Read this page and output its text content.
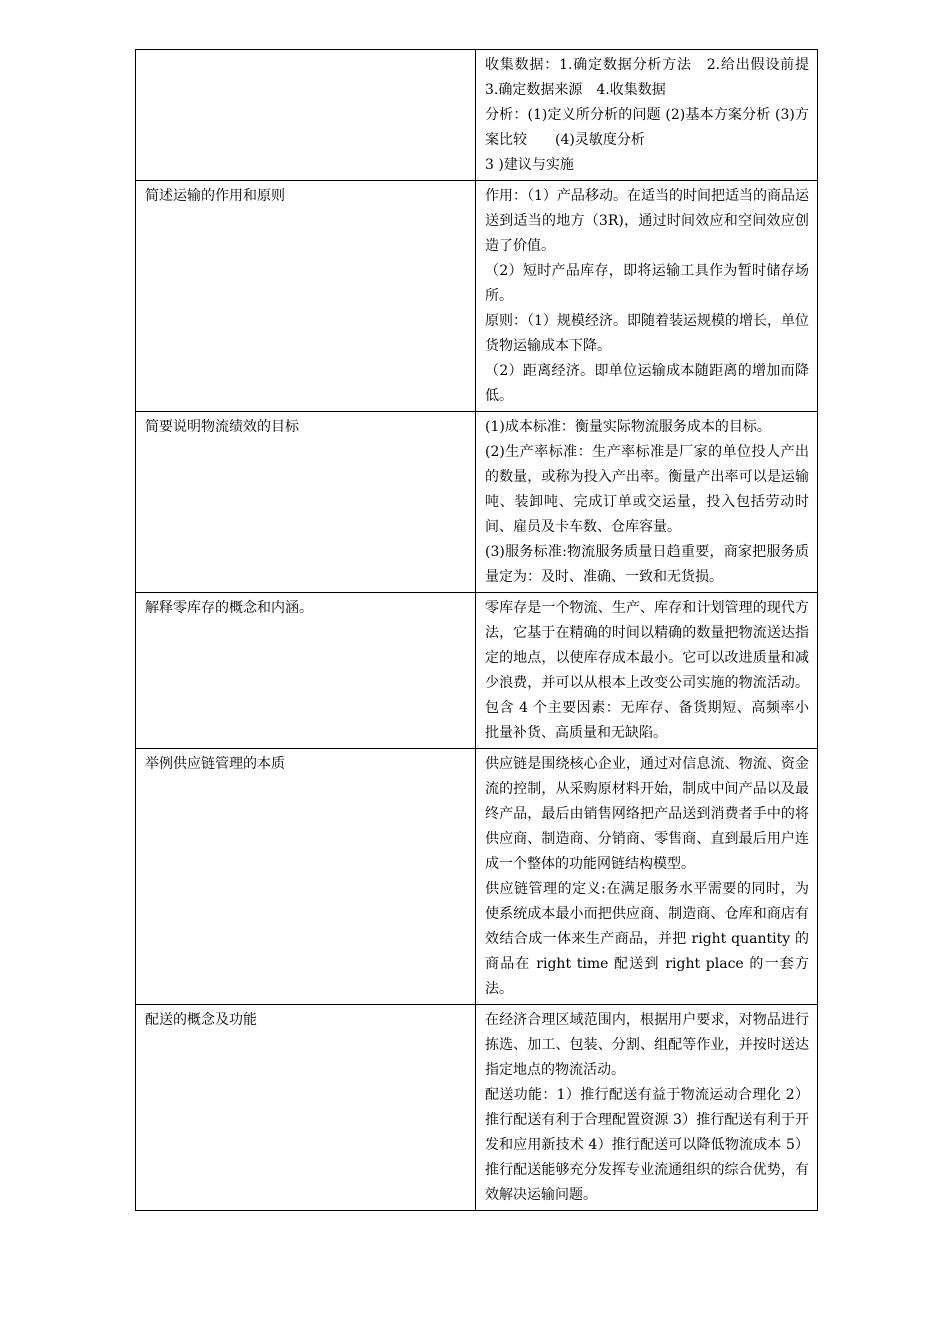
	收集数据：1.确定数据分析方法　2.给出假设前提　3.确定数据来源　4.收集数据

分析：(1)定义所分析的问题 (2)基本方案分析 (3)方案比较　　(4)灵敏度分析

3 )建议与实施

简述运输的作用和原则	作用：（1）产品移动。在适当的时间把适当的商品运送到适当的地方（3R)，通过时间效应和空间效应创造了价值。

（2）短时产品库存，即将运输工具作为暂时储存场所。

原则：（1）规模经济。即随着装运规模的增长，单位货物运输成本下降。

（2）距离经济。即单位运输成本随距离的增加而降低。

简要说明物流绩效的目标	(1)成本标准：衡量实际物流服务成本的目标。

(2)生产率标准：生产率标准是厂家的单位投人产出的数量，或称为投入产出率。衡量产出率可以是运输吨、装卸吨、完成订单或交运量，投入包括劳动时间、雇员及卡车数、仓库容量。

(3)服务标准:物流服务质量日趋重要，商家把服务质量定为：及时、准确、一致和无货损。

解释零库存的概念和内涵。	零库存是一个物流、生产、库存和计划管理的现代方法，它基于在精确的时间以精确的数量把物流送达指定的地点，以使库存成本最小。它可以改进质量和减少浪费，并可以从根本上改变公司实施的物流活动。包含 4 个主要因素：无库存、备货期短、高频率小批量补货、高质量和无缺陷。

举例供应链管理的本质	供应链是围绕核心企业，通过对信息流、物流、资金流的控制，从采购原材料开始，制成中间产品以及最终产品，最后由销售网络把产品送到消费者手中的将供应商、制造商、分销商、零售商、直到最后用户连成一个整体的功能网链结构模型。

供应链管理的定义:在满足服务水平需要的同时，为使系统成本最小而把供应商、制造商、仓库和商店有效结合成一体来生产商品，并把 right quantity 的商品在 right time 配送到 right place 的一套方法。

配送的概念及功能	在经济合理区域范围内，根据用户要求，对物品进行拣选、加工、包装、分割、组配等作业，并按时送达指定地点的物流活动。

配送功能：1）推行配送有益于物流运动合理化 2）推行配送有利于合理配置资源 3）推行配送有利于开发和应用新技术 4）推行配送可以降低物流成本 5）推行配送能够充分发挥专业流通组织的综合优势，有效解决运输问题。
